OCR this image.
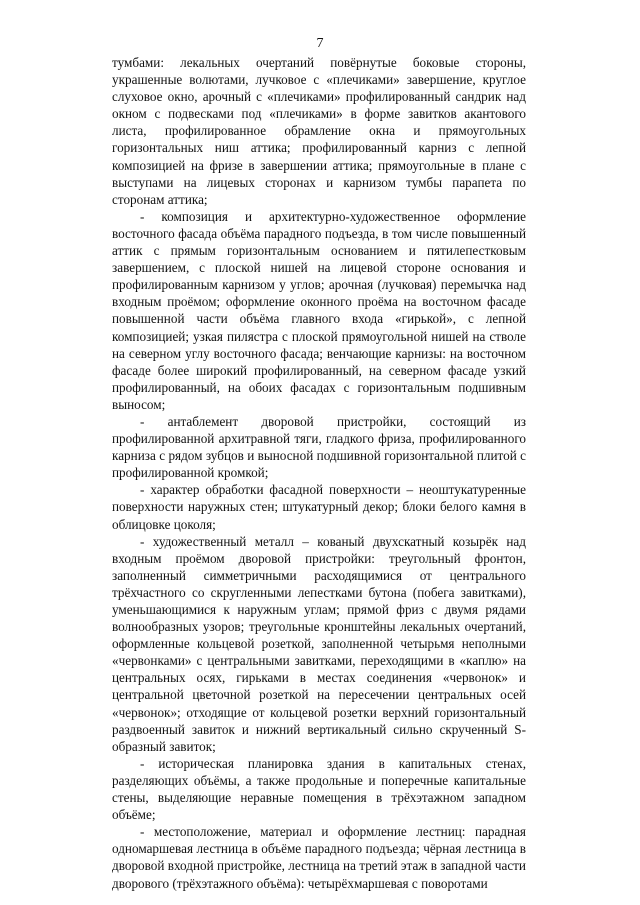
7

тумбами: лекальных очертаний повёрнутые боковые стороны, украшенные волютами, лучковое с «плечиками» завершение, круглое слуховое окно, арочный с «плечиками» профилированный сандрик над окном с подвесками под «плечиками» в форме завитков акантового листа, профилированное обрамление окна и прямоугольных горизонтальных ниш аттика; профилированный карниз с лепной композицией на фризе в завершении аттика; прямоугольные в плане с выступами на лицевых сторонах и карнизом тумбы парапета по сторонам аттика;

- композиция и архитектурно-художественное оформление восточного фасада объёма парадного подъезда, в том числе повышенный аттик с прямым горизонтальным основанием и пятилепестковым завершением, с плоской нишей на лицевой стороне основания и профилированным карнизом у углов; арочная (лучковая) перемычка над входным проёмом; оформление оконного проёма на восточном фасаде повышенной части объёма главного входа «гирькой», с лепной композицией; узкая пилястра с плоской прямоугольной нишей на стволе на северном углу восточного фасада; венчающие карнизы: на восточном фасаде более широкий профилированный, на северном фасаде узкий профилированный, на обоих фасадах с горизонтальным подшивным выносом;

- антаблемент дворовой пристройки, состоящий из профилированной архитравной тяги, гладкого фриза, профилированного карниза с рядом зубцов и выносной подшивной горизонтальной плитой с профилированной кромкой;

- характер обработки фасадной поверхности – неоштукатуренные поверхности наружных стен; штукатурный декор; блоки белого камня в облицовке цоколя;

- художественный металл – кованый двухскатный козырёк над входным проёмом дворовой пристройки: треугольный фронтон, заполненный симметричными расходящимися от центрального трёхчастного со скругленными лепестками бутона (побега завитками), уменьшающимися к наружным углам; прямой фриз с двумя рядами волнообразных узоров; треугольные кронштейны лекальных очертаний, оформленные кольцевой розеткой, заполненной четырьмя неполными «червонками» с центральными завитками, переходящими в «каплю» на центральных осях, гирьками в местах соединения «червонок» и центральной цветочной розеткой на пересечении центральных осей «червонок»; отходящие от кольцевой розетки верхний горизонтальный раздвоенный завиток и нижний вертикальный сильно скрученный S-образный завиток;

- историческая планировка здания в капитальных стенах, разделяющих объёмы, а также продольные и поперечные капитальные стены, выделяющие неравные помещения в трёхэтажном западном объёме;

- местоположение, материал и оформление лестниц: парадная одномаршевая лестница в объёме парадного подъезда; чёрная лестница в дворовой входной пристройке, лестница на третий этаж в западной части дворового (трёхэтажного объёма): четырёхмаршевая с поворотами
